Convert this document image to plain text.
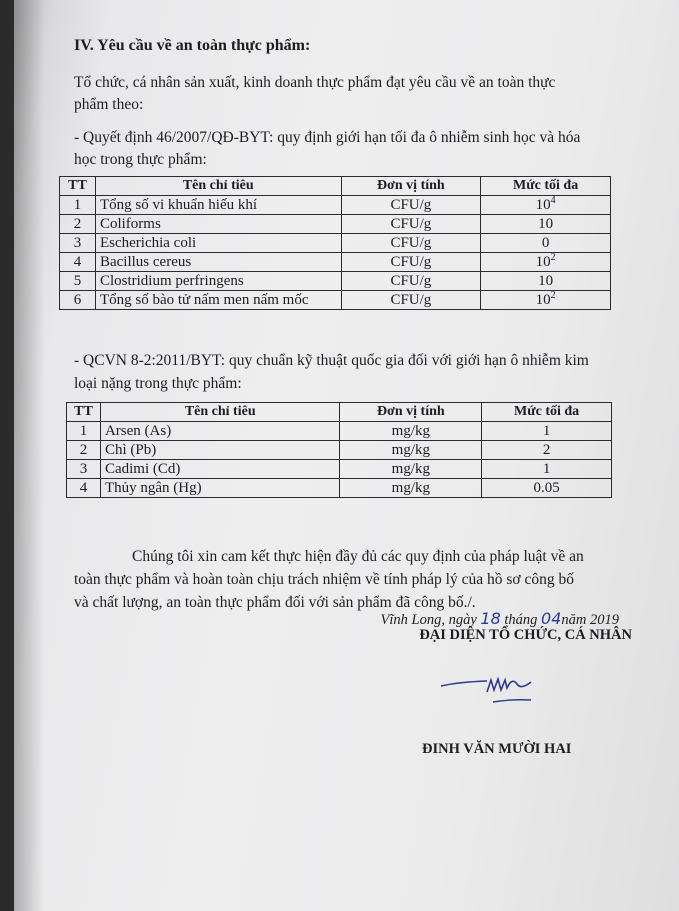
IV. Yêu cầu về an toàn thực phẩm:
Tổ chức, cá nhân sản xuất, kinh doanh thực phẩm đạt yêu cầu về an toàn thực
phẩm theo:
- Quyết định 46/2007/QĐ-BYT: quy định giới hạn tối đa ô nhiễm sinh học và hóa
học trong thực phẩm:
TT	Tên chỉ tiêu	Đơn vị tính	Mức tối đa
1	Tổng số vi khuẩn hiếu khí	CFU/g	$10^4$
2	Coliforms	CFU/g	10
3	Escherichia coli	CFU/g	0
4	Bacillus cereus	CFU/g	$10^2$
5	Clostridium perfringens	CFU/g	10
6	Tổng số bào tử nấm men nấm mốc	CFU/g	$10^2$
- QCVN 8-2:2011/BYT: quy chuẩn kỹ thuật quốc gia đối với giới hạn ô nhiễm kim
loại nặng trong thực phẩm:
TT	Tên chỉ tiêu	Đơn vị tính	Mức tối đa
1	Arsen (As)	mg/kg	1
2	Chì (Pb)	mg/kg	2
3	Cadimi (Cd)	mg/kg	1
4	Thủy ngân (Hg)	mg/kg	0.05
Chúng tôi xin cam kết thực hiện đầy đủ các quy định của pháp luật về an
toàn thực phẩm và hoàn toàn chịu trách nhiệm về tính pháp lý của hồ sơ công bố
và chất lượng, an toàn thực phẩm đối với sản phẩm đã công bố./.
Vĩnh Long, ngày 18 tháng 04năm 2019
ĐẠI DIỆN TỔ CHỨC, CÁ NHÂN
ĐINH VĂN MƯỜI HAI
